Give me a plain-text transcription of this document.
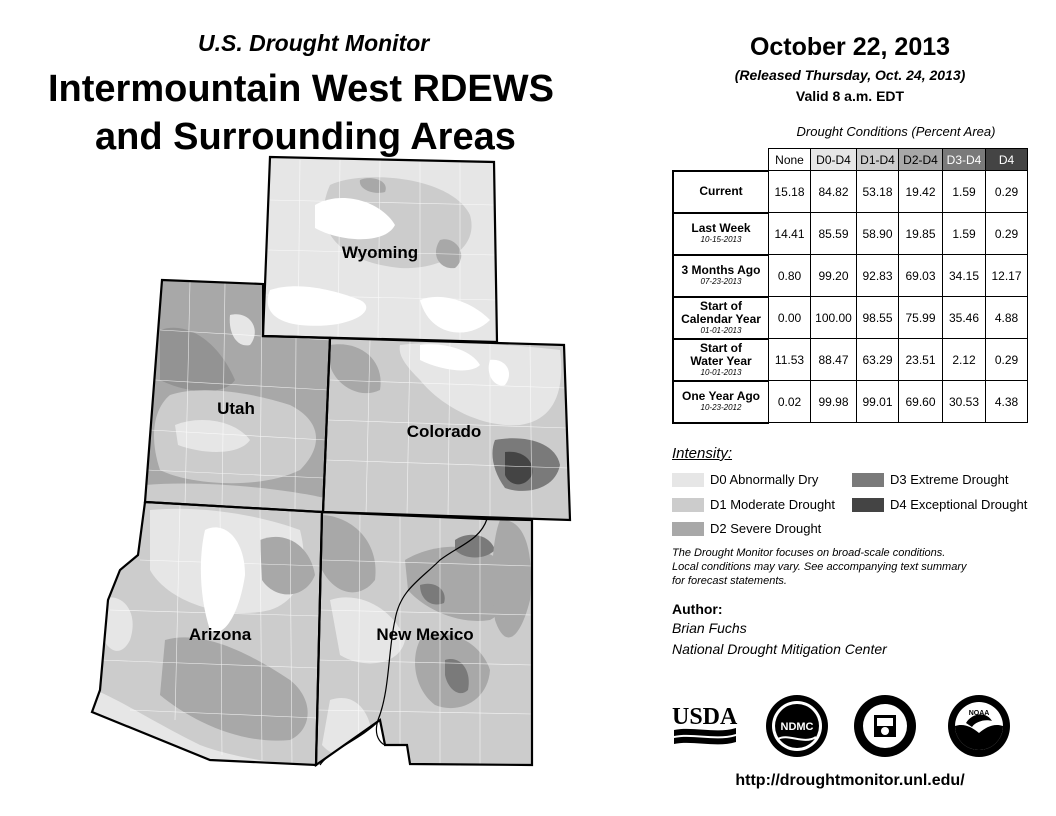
U.S. Drought Monitor
Intermountain West RDEWS
and Surrounding Areas
Wyoming
Utah
Colorado
Arizona	New Mexico
October 22, 2013
(Released Thursday, Oct. 24, 2013)
Valid 8 a.m. EDT
Drought Conditions (Percent Area)
	None	D0-D4	D1-D4	D2-D4	D3-D4	D4
Current	15.18	84.82	53.18	19.42	1.59	0.29
Last Week
10-15-2013	14.41	85.59	58.90	19.85	1.59	0.29
3 Months Ago
07-23-2013	0.80	99.20	92.83	69.03	34.15	12.17
Start of
Calendar Year
01-01-2013	0.00	100.00	98.55	75.99	35.46	4.88
Start of
Water Year
10-01-2013	11.53	88.47	63.29	23.51	2.12	0.29
One Year Ago
10-23-2012	0.02	99.98	99.01	69.60	30.53	4.38
Intensity:
D0 Abnormally Dry
D1 Moderate Drought
D2 Severe Drought
D3 Extreme Drought
D4 Exceptional Drought
The Drought Monitor focuses on broad-scale conditions.
Local conditions may vary. See accompanying text summary
for forecast statements.
Author:
Brian Fuchs
National Drought Mitigation Center
USDA	NDMC
NOAA
http://droughtmonitor.unl.edu/
